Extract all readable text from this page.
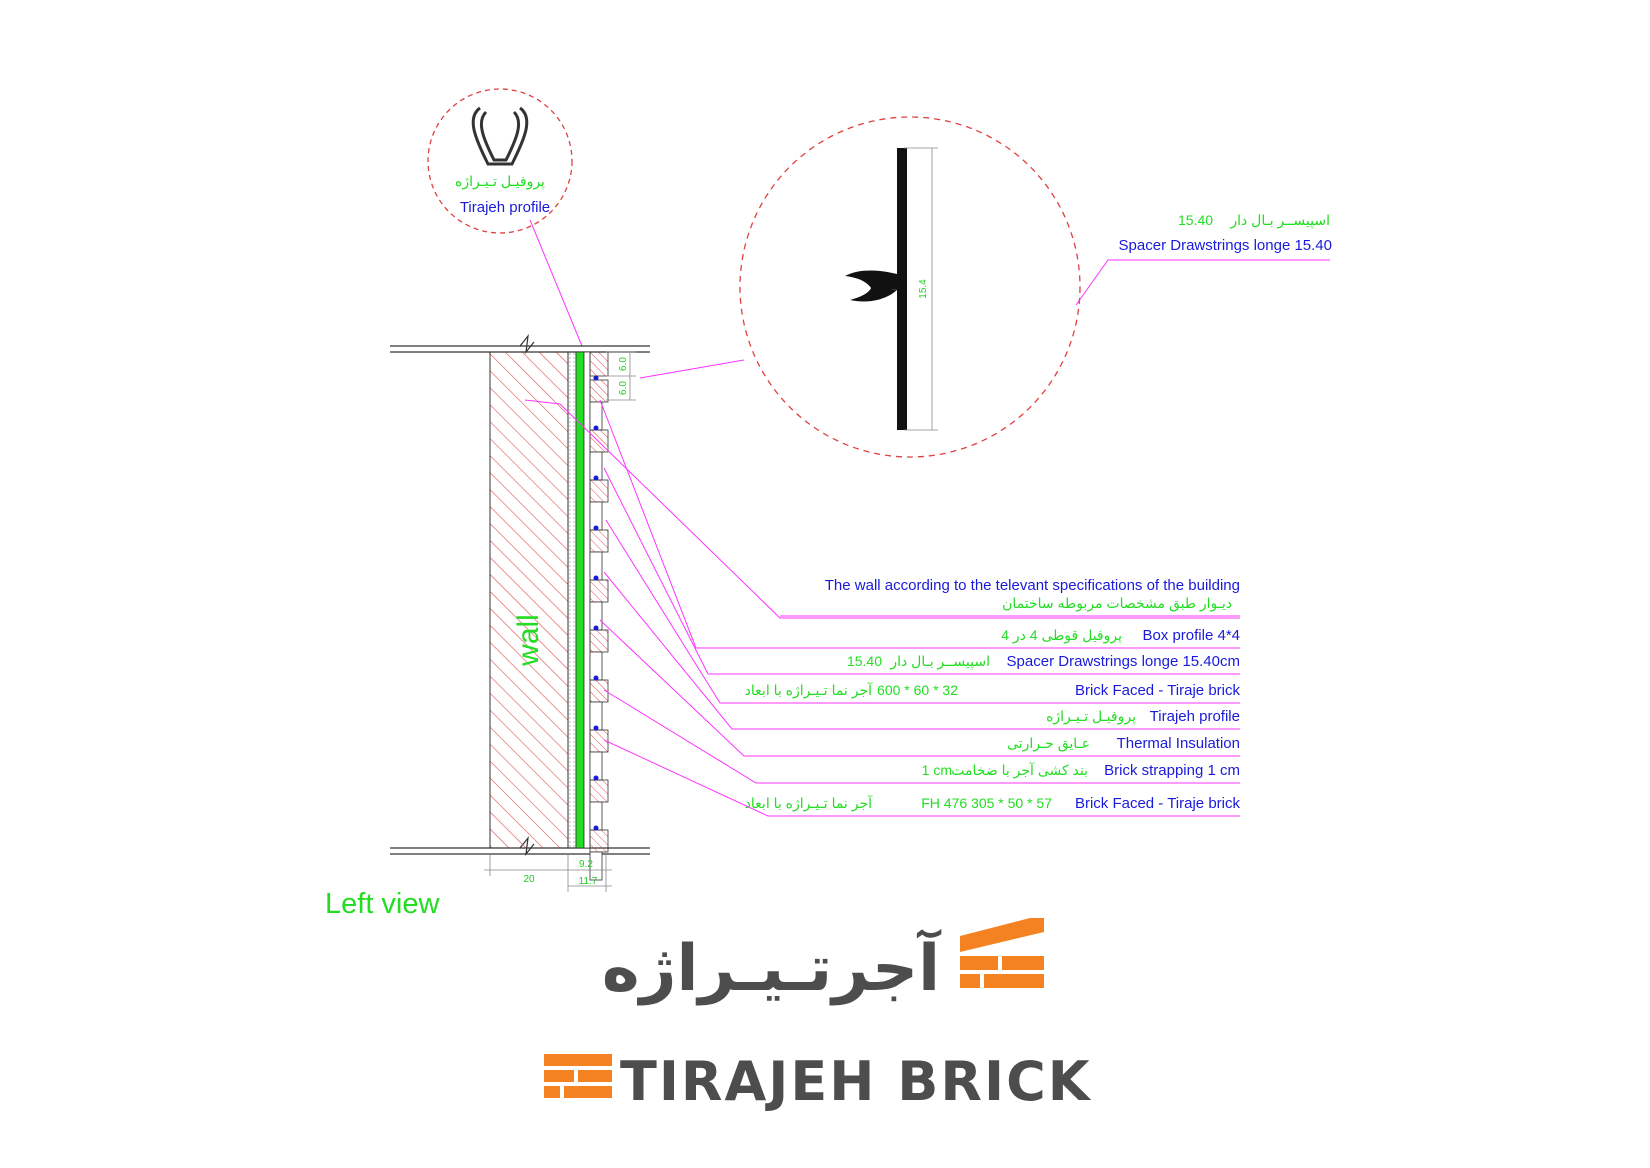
پروفیـل تـیـراژه
Tirajeh profile
15.4
اسپیســر بـال دار
15.40
Spacer Drawstrings longe 15.40
wall
6.0
6.0
20
9.2
11.7
The wall according to the televant specifications of the building
دیـوار طبق مشخصات مربوطه ساختمان
Box profile 4*4
پروفیل قوطی 4 در 4
Spacer Drawstrings longe 15.40cm
اسپیســر بـال دار
15.40
Brick Faced - Tiraje brick
آجر نما تـیـراژه با ابعاد 600 * 60 * 32
Tirajeh profile
پروفیـل تـیـراژه
Thermal Insulation
عـایق حـرارتی
Brick strapping 1 cm
بند کشی آجر با ضخامت
1 cm
Brick Faced - Tiraje brick
آجر نما تـیـراژه با ابعاد	FH 476 305 * 50 * 57
Left view
آجرتـیـراژه
TIRAJEH BRICK
